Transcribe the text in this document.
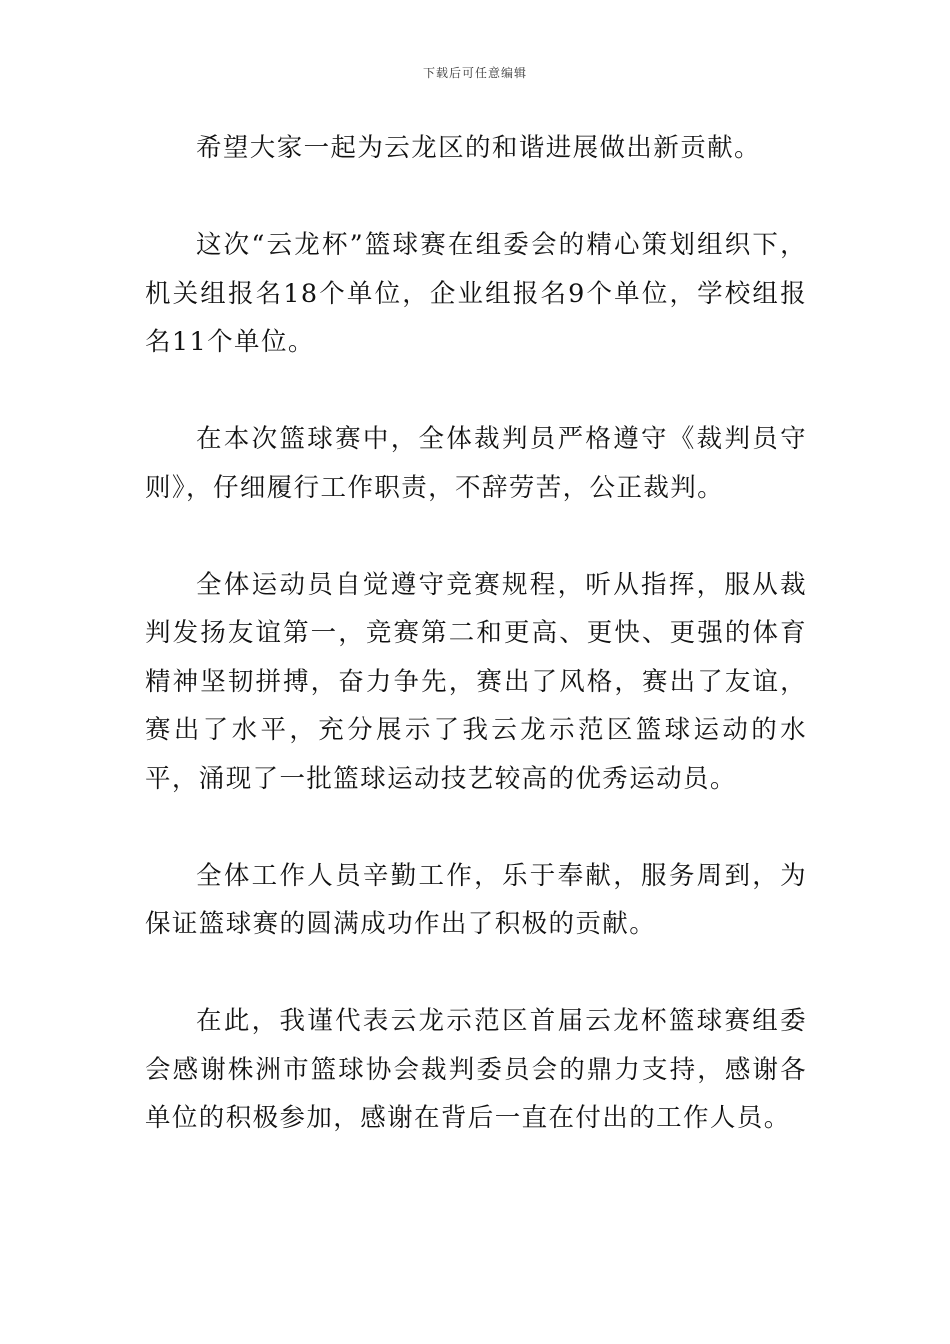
下载后可任意编辑

希望大家一起为云龙区的和谐进展做出新贡献。

这次“云龙杯”篮球赛在组委会的精心策划组织下，机关组报名18个单位，企业组报名9个单位，学校组报名11个单位。

在本次篮球赛中，全体裁判员严格遵守《裁判员守则》，仔细履行工作职责，不辞劳苦，公正裁判。

全体运动员自觉遵守竞赛规程，听从指挥，服从裁判发扬友谊第一，竞赛第二和更高、更快、更强的体育精神坚韧拼搏，奋力争先，赛出了风格，赛出了友谊，赛出了水平，充分展示了我云龙示范区篮球运动的水平，涌现了一批篮球运动技艺较高的优秀运动员。

全体工作人员辛勤工作，乐于奉献，服务周到，为保证篮球赛的圆满成功作出了积极的贡献。

在此，我谨代表云龙示范区首届云龙杯篮球赛组委会感谢株洲市篮球协会裁判委员会的鼎力支持，感谢各单位的积极参加，感谢在背后一直在付出的工作人员。
